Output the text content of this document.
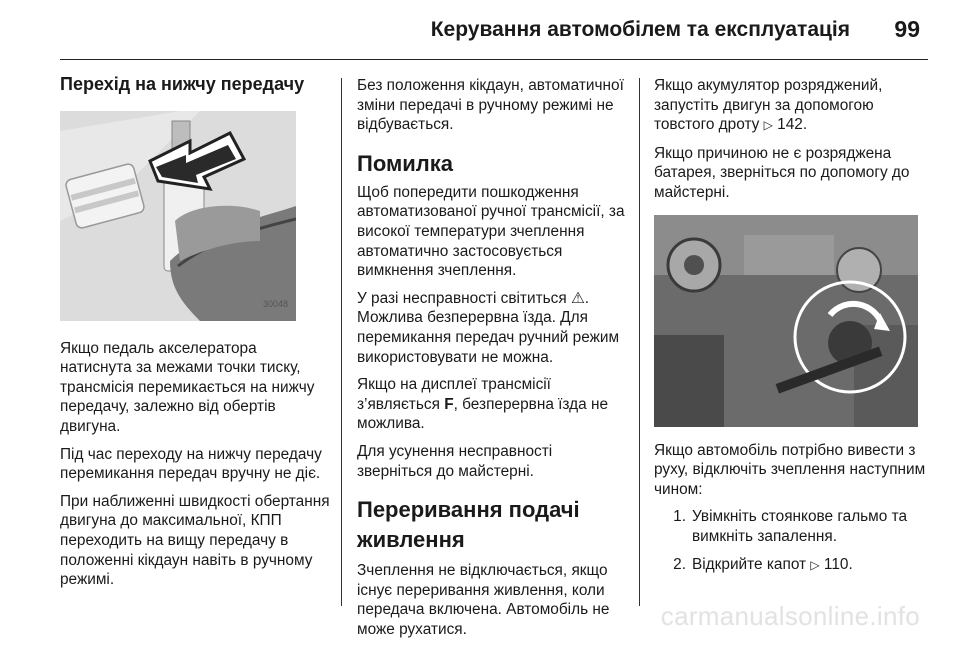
Керування автомобілем та експлуатація 99
Перехід на нижчу передачу
30048

Якщо педаль акселератора натиснута за межами точки тиску, трансмісія перемикається на нижчу передачу, залежно від обертів двигуна.

Під час переходу на нижчу передачу перемикання передач вручну не діє.

При наближенні швидкості обертання двигуна до максимальної, КПП переходить на вищу передачу в положенні кікдаун навіть в ручному режимі.

Без положення кікдаун, автоматичної зміни передачі в ручному режимі не відбувається.

Помилка

Щоб попередити пошкодження автоматизованої ручної трансмісії, за високої температури зчеплення автоматично застосовується вимкнення зчеплення.

У разі несправності світиться ⚠. Можлива безперервна їзда. Для перемикання передач ручний режим використовувати не можна.

Якщо на дисплеї трансмісії з’являється F, безперервна їзда не можлива.

Для усунення несправності зверніться до майстерні.

Переривання подачі живлення

Зчеплення не відключається, якщо існує переривання живлення, коли передача включена. Автомобіль не може рухатися.

Якщо акумулятор розряджений, запустіть двигун за допомогою товстого дроту ▷ 142.

Якщо причиною не є розряджена батарея, зверніться по допомогу до майстерні.

Якщо автомобіль потрібно вивести з руху, відключіть зчеплення наступним чином:

1. Увімкніть стоянкове гальмо та вимкніть запалення.
2. Відкрийте капот ▷ 110.
carmanualsonline.info
